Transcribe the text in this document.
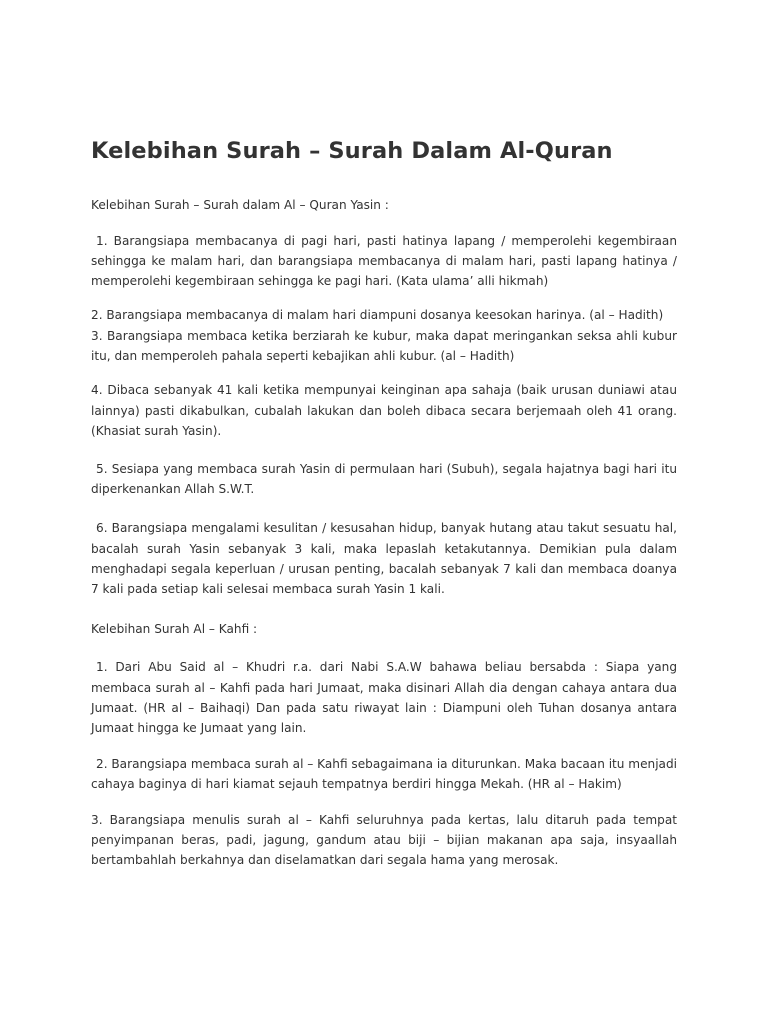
Kelebihan Surah – Surah Dalam Al-Quran

Kelebihan Surah – Surah dalam Al – Quran Yasin :

1. Barangsiapa membacanya di pagi hari, pasti hatinya lapang / memperolehi kegembiraan sehingga ke malam hari, dan barangsiapa membacanya di malam hari, pasti lapang hatinya / memperolehi kegembiraan sehingga ke pagi hari. (Kata ulama’ alli hikmah)

2. Barangsiapa membacanya di malam hari diampuni dosanya keesokan harinya. (al – Hadith)

3. Barangsiapa membaca ketika berziarah ke kubur, maka dapat meringankan seksa ahli kubur itu, dan memperoleh pahala seperti kebajikan ahli kubur. (al – Hadith)

4. Dibaca sebanyak 41 kali ketika mempunyai keinginan apa sahaja (baik urusan duniawi atau lainnya) pasti dikabulkan, cubalah lakukan dan boleh dibaca secara berjemaah oleh 41 orang. (Khasiat surah Yasin).

5. Sesiapa yang membaca surah Yasin di permulaan hari (Subuh), segala hajatnya bagi hari itu diperkenankan Allah S.W.T.

6. Barangsiapa mengalami kesulitan / kesusahan hidup, banyak hutang atau takut sesuatu hal, bacalah surah Yasin sebanyak 3 kali, maka lepaslah ketakutannya. Demikian pula dalam menghadapi segala keperluan / urusan penting, bacalah sebanyak 7 kali dan membaca doanya 7 kali pada setiap kali selesai membaca surah Yasin 1 kali.

Kelebihan Surah Al – Kahfi :

1. Dari Abu Said al – Khudri r.a. dari Nabi S.A.W bahawa beliau bersabda : Siapa yang membaca surah al – Kahfi pada hari Jumaat, maka disinari Allah dia dengan cahaya antara dua Jumaat. (HR al – Baihaqi) Dan pada satu riwayat lain : Diampuni oleh Tuhan dosanya antara Jumaat hingga ke Jumaat yang lain.

2. Barangsiapa membaca surah al – Kahfi sebagaimana ia diturunkan. Maka bacaan itu menjadi cahaya baginya di hari kiamat sejauh tempatnya berdiri hingga Mekah. (HR al – Hakim)

3. Barangsiapa menulis surah al – Kahfi seluruhnya pada kertas, lalu ditaruh pada tempat penyimpanan beras, padi, jagung, gandum atau biji – bijian makanan apa saja, insyaallah bertambahlah berkahnya dan diselamatkan dari segala hama yang merosak.
